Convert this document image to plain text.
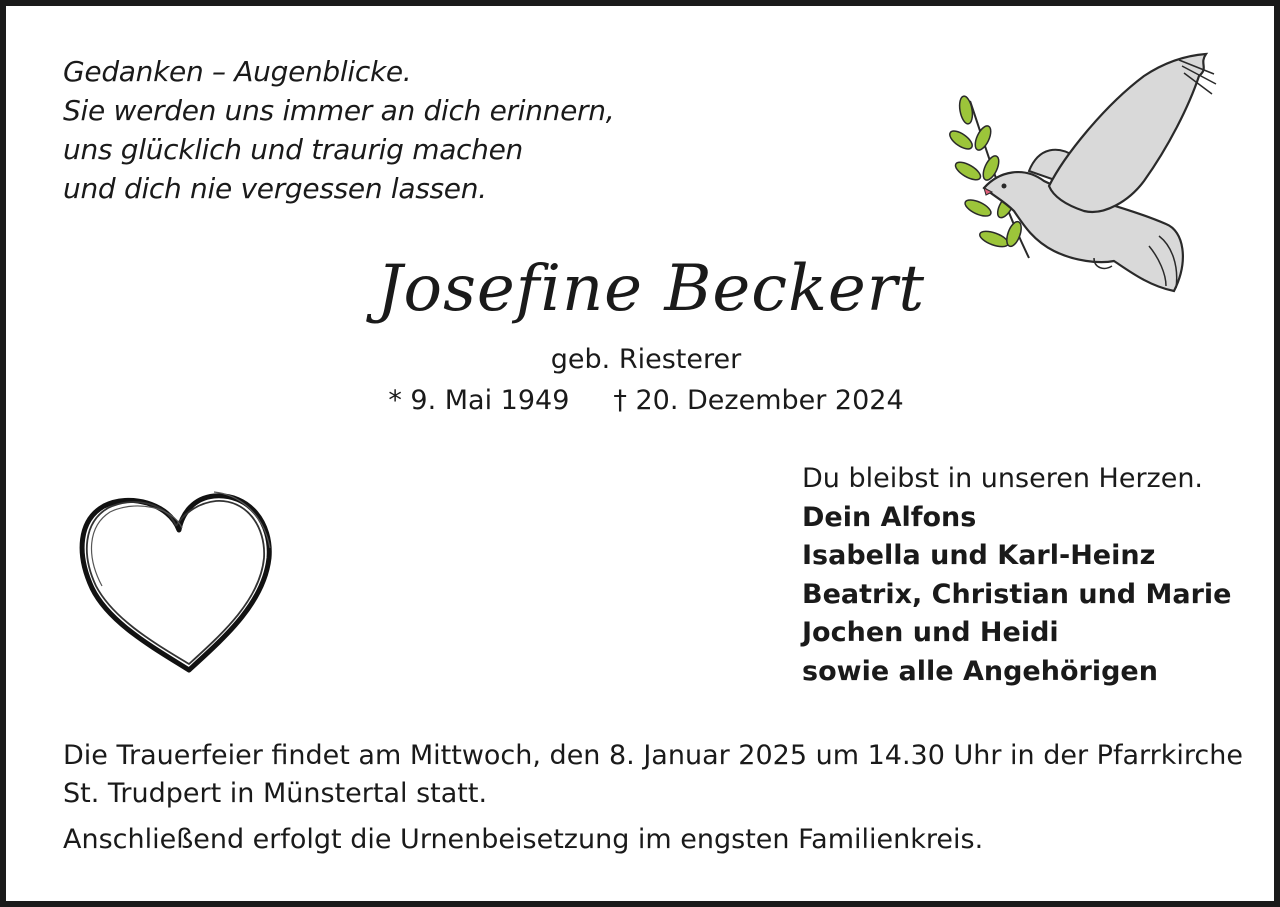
Gedanken – Augenblicke.
Sie werden uns immer an dich erinnern,
uns glücklich und traurig machen
und dich nie vergessen lassen.
Josefine Beckert
geb. Riesterer
* 9. Mai 1949 † 20. Dezember 2024
Du bleibst in unseren Herzen.
Dein Alfons
Isabella und Karl-Heinz
Beatrix, Christian und Marie
Jochen und Heidi
sowie alle Angehörigen
Die Trauerfeier findet am Mittwoch, den 8. Januar 2025 um 14.30 Uhr in der Pfarrkirche
St. Trudpert in Münstertal statt.
Anschließend erfolgt die Urnenbeisetzung im engsten Familienkreis.
